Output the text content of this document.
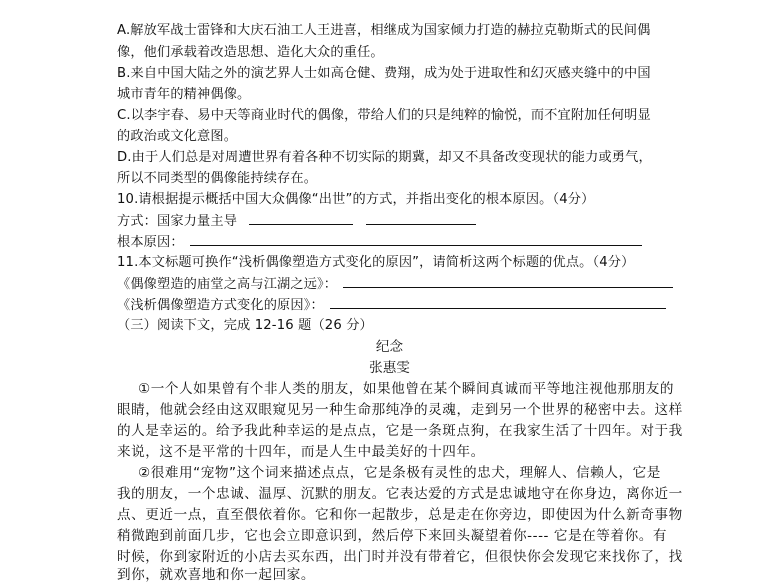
A.解放军战士雷锋和大庆石油工人王进喜，相继成为国家倾力打造的赫拉克勒斯式的民间偶
像，他们承载着改造思想、造化大众的重任。
B.来自中国大陆之外的演艺界人士如高仓健、费翔，成为处于进取性和幻灭感夹缝中的中国
城市青年的精神偶像。
C.以李宇春、易中天等商业时代的偶像，带给人们的只是纯粹的愉悦，而不宜附加任何明显
的政治或文化意图。
D.由于人们总是对周遭世界有着各种不切实际的期冀，却又不具备改变现状的能力或勇气，
所以不同类型的偶像能持续存在。
10.请根据提示概括中国大众偶像“出世”的方式，并指出变化的根本原因。（4分）
方式：国家力量主导
根本原因：
11.本文标题可换作“浅析偶像塑造方式变化的原因”，请简析这两个标题的优点。（4分）
《偶像塑造的庙堂之高与江湖之远》：
《浅析偶像塑造方式变化的原因》：
（三）阅读下文，完成 12-16 题（26 分）
纪念
张惠雯
①一个人如果曾有个非人类的朋友，如果他曾在某个瞬间真诚而平等地注视他那朋友的
眼睛，他就会经由这双眼窥见另一种生命那纯净的灵魂，走到另一个世界的秘密中去。这样
的人是幸运的。给予我此种幸运的是点点，它是一条斑点狗，在我家生活了十四年。对于我
来说，这不是平常的十四年，而是人生中最美好的十四年。
②很难用“宠物”这个词来描述点点，它是条极有灵性的忠犬，理解人、信赖人，它是
我的朋友，一个忠诚、温厚、沉默的朋友。它表达爱的方式是忠诚地守在你身边，离你近一
点、更近一点，直至偎依着你。它和你一起散步，总是走在你旁边，即使因为什么新奇事物
稍微跑到前面几步，它也会立即意识到，然后停下来回头凝望着你---- 它是在等着你。有
时候，你到家附近的小店去买东西，出门时并没有带着它，但很快你会发现它来找你了，找
到你，就欢喜地和你一起回家。
